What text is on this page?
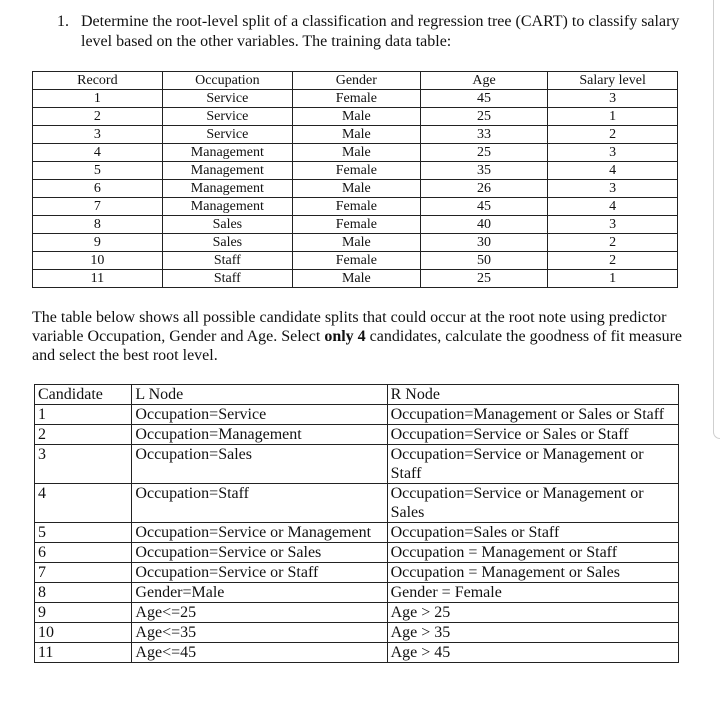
1. Determine the root-level split of a classification and regression tree (CART) to classify salary level based on the other variables. The training data table:
Record	Occupation	Gender	Age	Salary level
1	Service	Female	45	3
2	Service	Male	25	1
3	Service	Male	33	2
4	Management	Male	25	3
5	Management	Female	35	4
6	Management	Male	26	3
7	Management	Female	45	4
8	Sales	Female	40	3
9	Sales	Male	30	2
10	Staff	Female	50	2
11	Staff	Male	25	1
The table below shows all possible candidate splits that could occur at the root note using predictor variable Occupation, Gender and Age. Select only 4 candidates, calculate the goodness of fit measure and select the best root level.
Candidate	L Node	R Node
1	Occupation=Service	Occupation=Management or Sales or Staff
2	Occupation=Management	Occupation=Service or Sales or Staff
3	Occupation=Sales	Occupation=Service or Management or Staff
4	Occupation=Staff	Occupation=Service or Management or Sales
5	Occupation=Service or Management	Occupation=Sales or Staff
6	Occupation=Service or Sales	Occupation = Management or Staff
7	Occupation=Service or Staff	Occupation = Management or Sales
8	Gender=Male	Gender = Female
9	Age<=25	Age > 25
10	Age<=35	Age > 35
11	Age<=45	Age > 45
